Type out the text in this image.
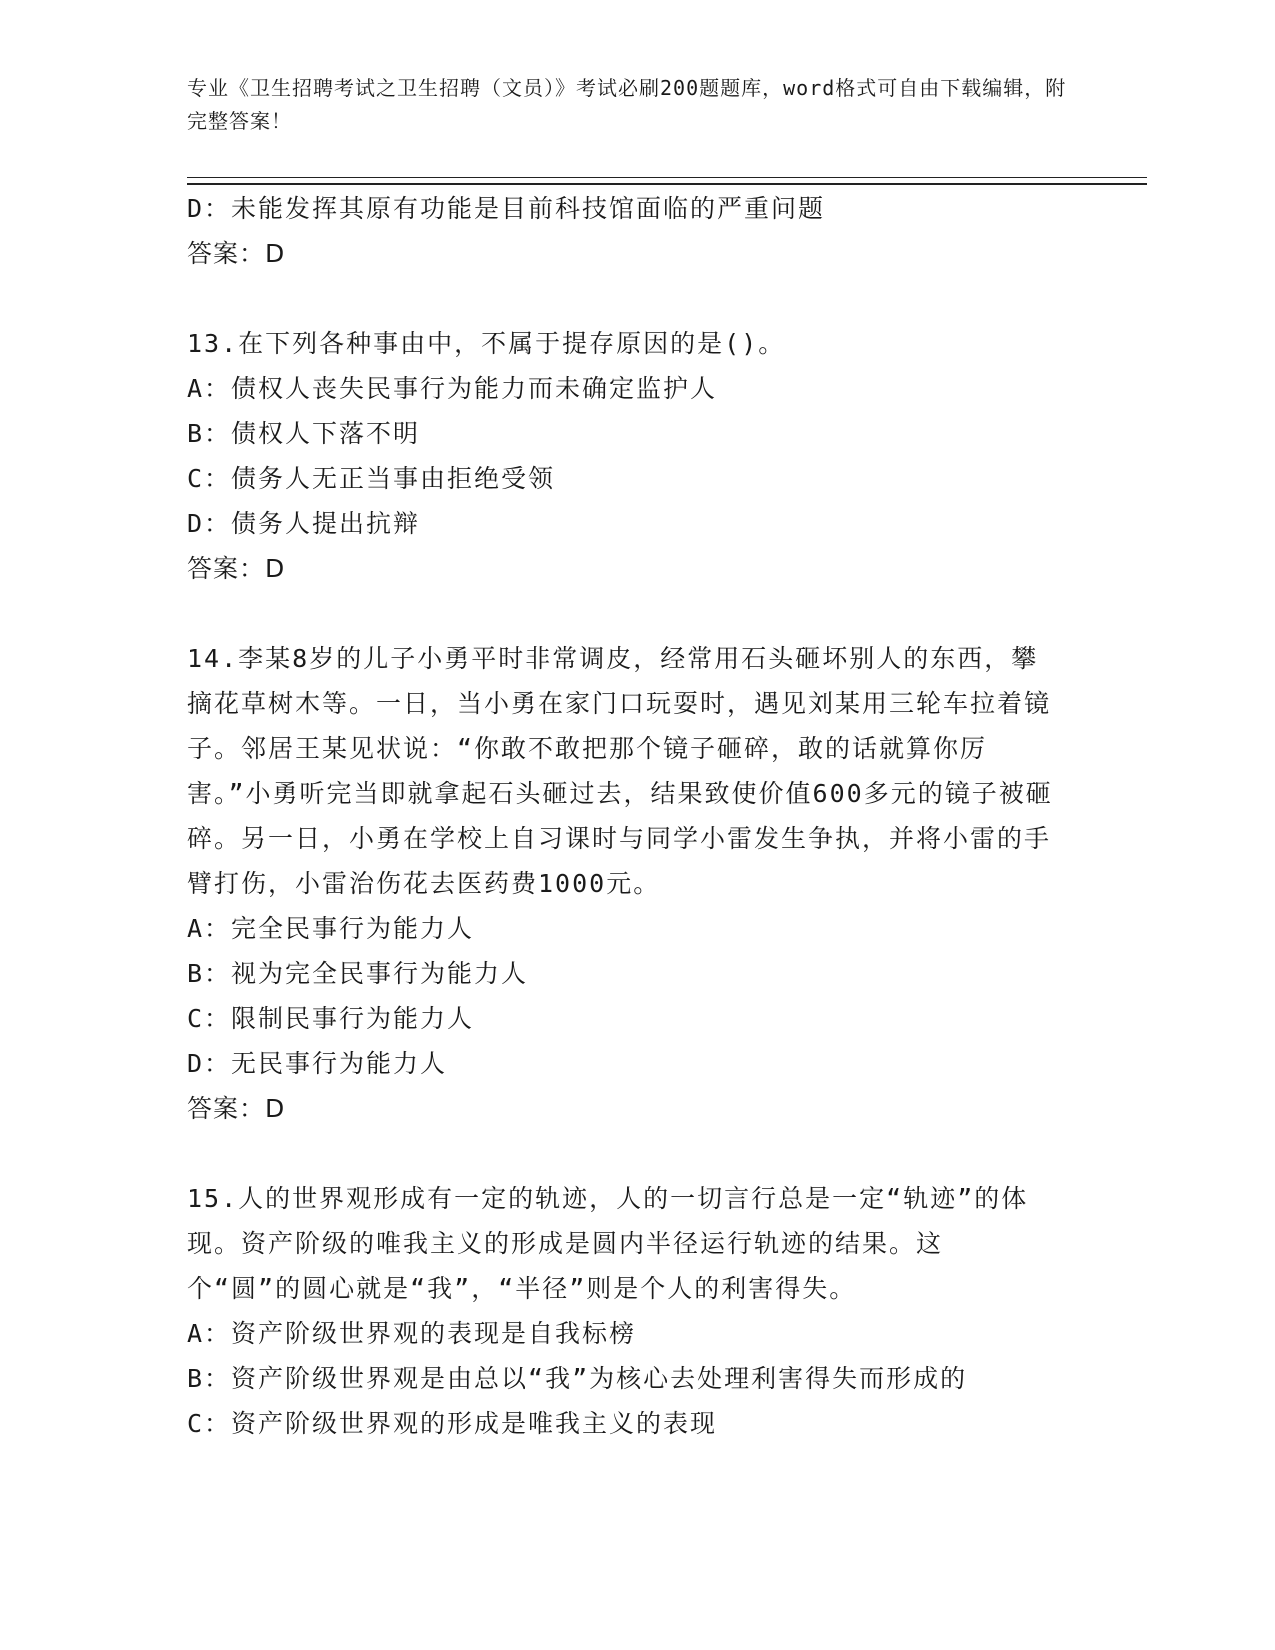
专业《卫生招聘考试之卫生招聘（文员）》考试必刷200题题库，word格式可自由下载编辑，附完整答案！
D：未能发挥其原有功能是目前科技馆面临的严重问题
答案：D
13.在下列各种事由中，不属于提存原因的是()。
A：债权人丧失民事行为能力而未确定监护人
B：债权人下落不明
C：债务人无正当事由拒绝受领
D：债务人提出抗辩
答案：D
14.李某8岁的儿子小勇平时非常调皮，经常用石头砸坏别人的东西，攀摘花草树木等。一日，当小勇在家门口玩耍时，遇见刘某用三轮车拉着镜子。邻居王某见状说：“你敢不敢把那个镜子砸碎，敢的话就算你厉害。”小勇听完当即就拿起石头砸过去，结果致使价值600多元的镜子被砸碎。另一日，小勇在学校上自习课时与同学小雷发生争执，并将小雷的手臂打伤，小雷治伤花去医药费1000元。
A：完全民事行为能力人
B：视为完全民事行为能力人
C：限制民事行为能力人
D：无民事行为能力人
答案：D
15.人的世界观形成有一定的轨迹，人的一切言行总是一定“轨迹”的体现。资产阶级的唯我主义的形成是圆内半径运行轨迹的结果。这个“圆”的圆心就是“我”，“半径”则是个人的利害得失。
A：资产阶级世界观的表现是自我标榜
B：资产阶级世界观是由总以“我”为核心去处理利害得失而形成的
C：资产阶级世界观的形成是唯我主义的表现
